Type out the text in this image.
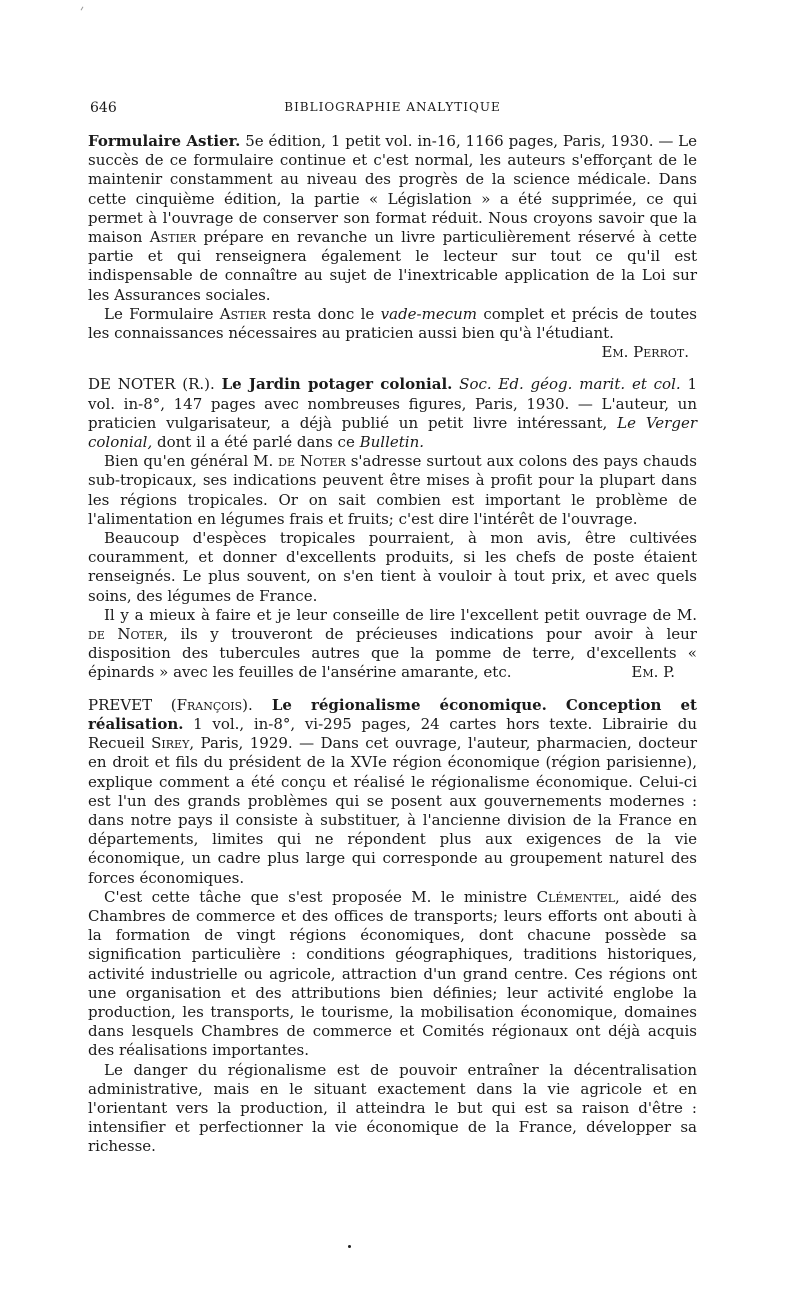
646	BIBLIOGRAPHIE ANALYTIQUE

Formulaire Astier. 5e édition, 1 petit vol. in-16, 1166 pages, Paris, 1930. — Le succès de ce formulaire continue et c'est normal, les auteurs s'efforçant de le maintenir constamment au niveau des progrès de la science médicale. Dans cette cinquième édition, la partie « Législation » a été supprimée, ce qui permet à l'ouvrage de conserver son format réduit. Nous croyons savoir que la maison Astier prépare en revanche un livre particulièrement réservé à cette partie et qui renseignera également le lecteur sur tout ce qu'il est indispensable de connaître au sujet de l'inextricable application de la Loi sur les Assurances sociales.

Le Formulaire Astier resta donc le vade-mecum complet et précis de toutes les connaissances nécessaires au praticien aussi bien qu'à l'étudiant.

Em. Perrot.

DE NOTER (R.). Le Jardin potager colonial. Soc. Ed. géog. marit. et col. 1 vol. in-8°, 147 pages avec nombreuses figures, Paris, 1930. — L'auteur, un praticien vulgarisateur, a déjà publié un petit livre intéressant, Le Verger colonial, dont il a été parlé dans ce Bulletin.

Bien qu'en général M. de Noter s'adresse surtout aux colons des pays chauds sub-tropicaux, ses indications peuvent être mises à profit pour la plupart dans les régions tropicales. Or on sait combien est important le problème de l'alimentation en légumes frais et fruits; c'est dire l'intérêt de l'ouvrage.

Beaucoup d'espèces tropicales pourraient, à mon avis, être cultivées couramment, et donner d'excellents produits, si les chefs de poste étaient renseignés. Le plus souvent, on s'en tient à vouloir à tout prix, et avec quels soins, des légumes de France.

Il y a mieux à faire et je leur conseille de lire l'excellent petit ouvrage de M. de Noter, ils y trouveront de précieuses indications pour avoir à leur disposition des tubercules autres que la pomme de terre, d'excellents « épinards » avec les feuilles de l'ansérine amarante, etc.	Em. P.

PREVET (François). Le régionalisme économique. Conception et réalisation. 1 vol., in-8°, vi-295 pages, 24 cartes hors texte. Librairie du Recueil Sirey, Paris, 1929. — Dans cet ouvrage, l'auteur, pharmacien, docteur en droit et fils du président de la XVIe région économique (région parisienne), explique comment a été conçu et réalisé le régionalisme économique. Celui-ci est l'un des grands problèmes qui se posent aux gouvernements modernes : dans notre pays il consiste à substituer, à l'ancienne division de la France en départements, limites qui ne répondent plus aux exigences de la vie économique, un cadre plus large qui corresponde au groupement naturel des forces économiques.

C'est cette tâche que s'est proposée M. le ministre Clémentel, aidé des Chambres de commerce et des offices de transports; leurs efforts ont abouti à la formation de vingt régions économiques, dont chacune possède sa signification particulière : conditions géographiques, traditions historiques, activité industrielle ou agricole, attraction d'un grand centre. Ces régions ont une organisation et des attributions bien définies; leur activité englobe la production, les transports, le tourisme, la mobilisation économique, domaines dans lesquels Chambres de commerce et Comités régionaux ont déjà acquis des réalisations importantes.

Le danger du régionalisme est de pouvoir entraîner la décentralisation administrative, mais en le situant exactement dans la vie agricole et en l'orientant vers la production, il atteindra le but qui est sa raison d'être : intensifier et perfectionner la vie économique de la France, développer sa richesse.
